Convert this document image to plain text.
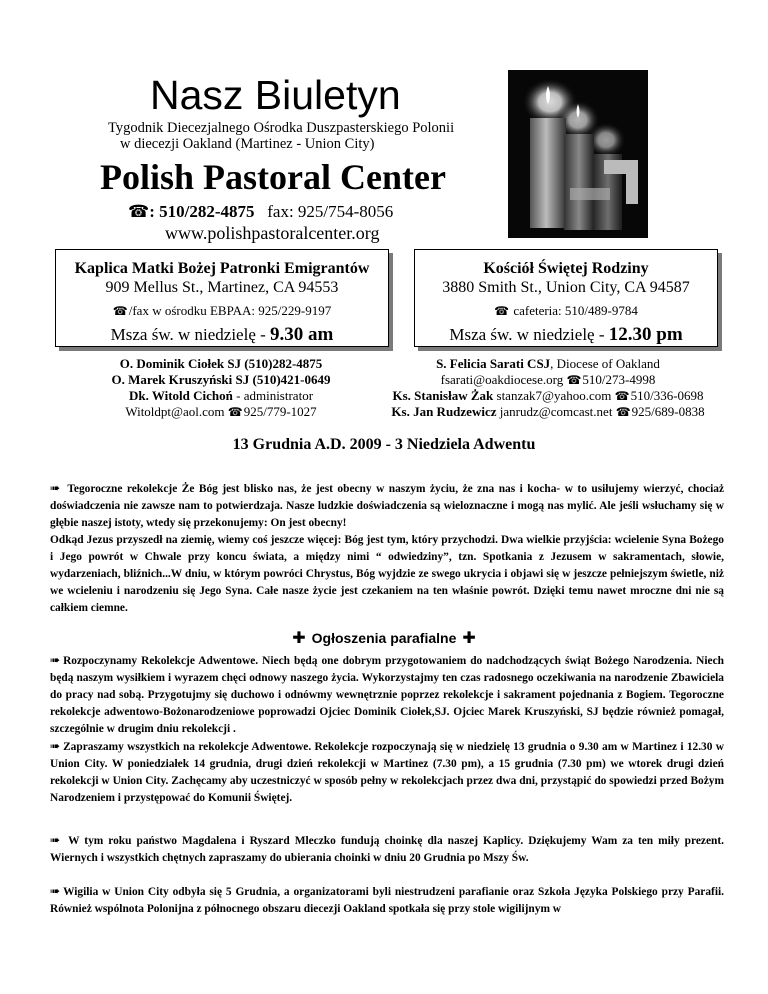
Nasz Biuletyn
Tygodnik Diecezjalnego Ośrodka Duszpasterskiego Polonii
w diecezji Oakland (Martinez - Union City)
Polish Pastoral Center
☎: 510/282-4875 fax: 925/754-8056
www.polishpastoralcenter.org
Kaplica Matki Bożej Patronki Emigrantów
909 Mellus St., Martinez, CA 94553
☎/fax w ośrodku EBPAA: 925/229-9197
Msza św. w niedzielę - 9.30 am
Kościół Świętej Rodziny
3880 Smith St., Union City, CA 94587
☎ cafeteria: 510/489-9784
Msza św. w niedzielę - 12.30 pm
O. Dominik Ciołek SJ (510)282-4875
O. Marek Kruszyński SJ (510)421-0649
Dk. Witold Cichoń - administrator
Witoldpt@aol.com ☎925/779-1027
S. Felicia Sarati CSJ, Diocese of Oakland
fsarati@oakdiocese.org ☎510/273-4998
Ks. Stanisław Żak stanzak7@yahoo.com ☎510/336-0698
Ks. Jan Rudzewicz janrudz@comcast.net ☎925/689-0838
13 Grudnia A.D. 2009 - 3 Niedziela Adwentu
➠ Tegoroczne rekolekcje Że Bóg jest blisko nas, że jest obecny w naszym życiu, że zna nas i kocha- w to usiłujemy wierzyć, chociaż doświadczenia nie zawsze nam to potwierdzaja. Nasze ludzkie doświadczenia są wieloznaczne i mogą nas mylić. Ale jeśli wsłuchamy się w głębie naszej istoty, wtedy się przekonujemy: On jest obecny!
Odkąd Jezus przyszedł na ziemię, wiemy coś jeszcze więcej: Bóg jest tym, który przychodzi. Dwa wielkie przyjścia: wcielenie Syna Bożego i Jego powrót w Chwale przy koncu świata, a między nimi “ odwiedziny”, tzn. Spotkania z Jezusem w sakramentach, słowie, wydarzeniach, bliźnich...W dniu, w którym powróci Chrystus, Bóg wyjdzie ze swego ukrycia i objawi się w jeszcze pełniejszym świetle, niż we wcieleniu i narodzeniu się Jego Syna. Całe nasze życie jest czekaniem na ten właśnie powrót. Dzięki temu nawet mroczne dni nie są całkiem ciemne.
✚ Ogłoszenia parafialne ✚
➠ Rozpoczynamy Rekolekcje Adwentowe. Niech będą one dobrym przygotowaniem do nadchodzących świąt Bożego Narodzenia. Niech będą naszym wysiłkiem i wyrazem chęci odnowy naszego życia. Wykorzystajmy ten czas radosnego oczekiwania na narodzenie Zbawiciela do pracy nad sobą. Przygotujmy się duchowo i odnówmy wewnętrznie poprzez rekolekcje i sakrament pojednania z Bogiem. Tegoroczne rekolekcje adwentowo-Bożonarodzeniowe poprowadzi Ojciec Dominik Ciołek,SJ. Ojciec Marek Kruszyński, SJ będzie również pomagał, szczególnie w drugim dniu rekolekcji .
➠ Zapraszamy wszystkich na rekolekcje Adwentowe. Rekolekcje rozpoczynają się w niedzielę 13 grudnia o 9.30 am w Martinez i 12.30 w Union City. W poniedziałek 14 grudnia, drugi dzień rekolekcji w Martinez (7.30 pm), a 15 grudnia (7.30 pm) we wtorek drugi dzień rekolekcji w Union City. Zachęcamy aby uczestniczyć w sposób pełny w rekolekcjach przez dwa dni, przystąpić do spowiedzi przed Bożym Narodzeniem i przystępować do Komunii Świętej.
➠ W tym roku państwo Magdalena i Ryszard Mleczko fundują choinkę dla naszej Kaplicy. Dziękujemy Wam za ten miły prezent. Wiernych i wszystkich chętnych zapraszamy do ubierania choinki w dniu 20 Grudnia po Mszy Św.
➠ Wigilia w Union City odbyła się 5 Grudnia, a organizatorami byli niestrudzeni parafianie oraz Szkoła Języka Polskiego przy Parafii. Również wspólnota Polonijna z północnego obszaru diecezji Oakland spotkała się przy stole wigilijnym w
